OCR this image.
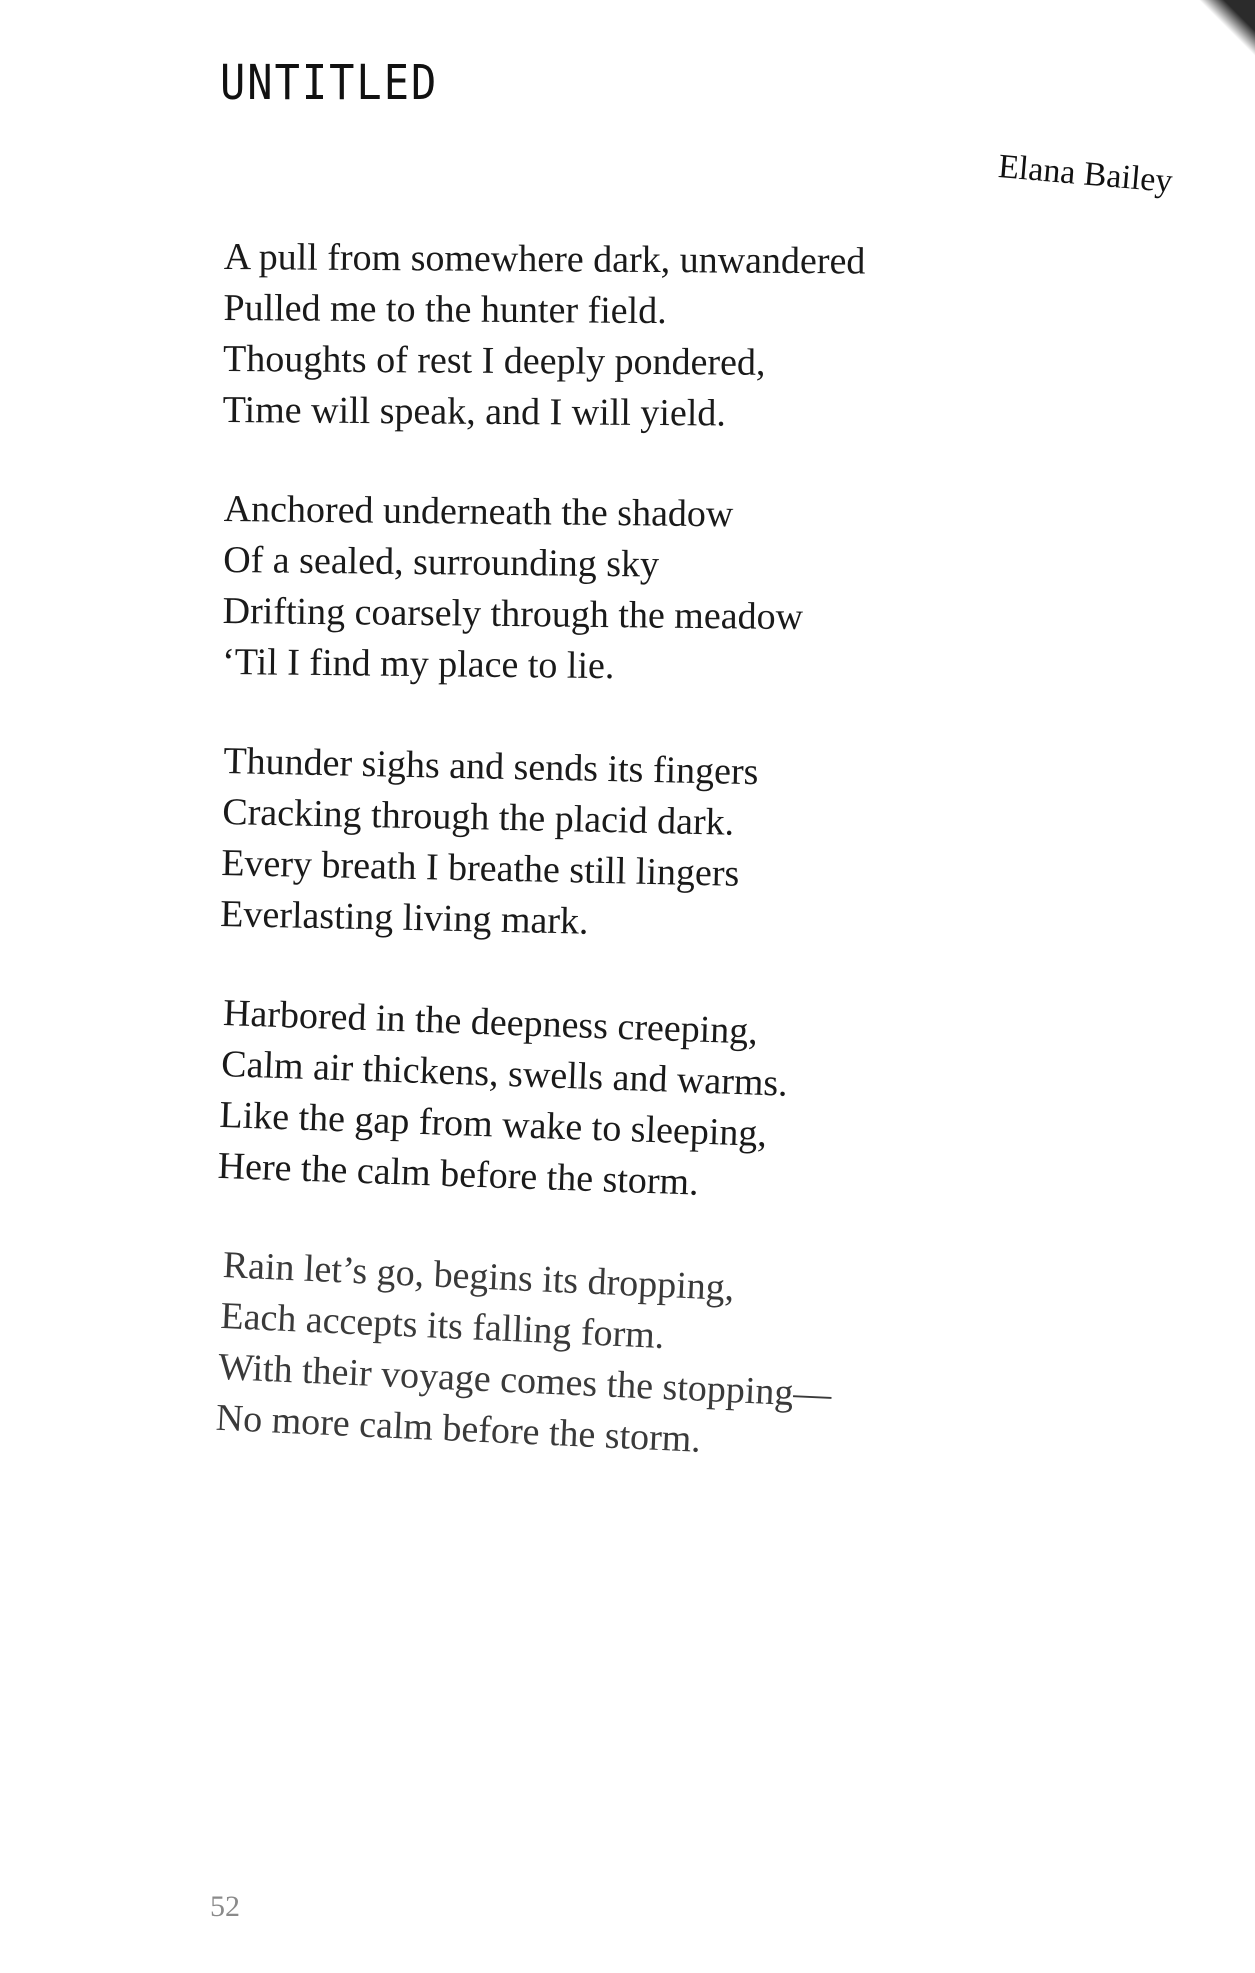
UNTITLED
Elana Bailey
A pull from somewhere dark, unwandered
Pulled me to the hunter field.
Thoughts of rest I deeply pondered,
Time will speak, and I will yield.
Anchored underneath the shadow
Of a sealed, surrounding sky
Drifting coarsely through the meadow
‘Til I find my place to lie.
Thunder sighs and sends its fingers
Cracking through the placid dark.
Every breath I breathe still lingers
Everlasting living mark.
Harbored in the deepness creeping,
Calm air thickens, swells and warms.
Like the gap from wake to sleeping,
Here the calm before the storm.
Rain let’s go, begins its dropping,
Each accepts its falling form.
With their voyage comes the stopping—
No more calm before the storm.
52
